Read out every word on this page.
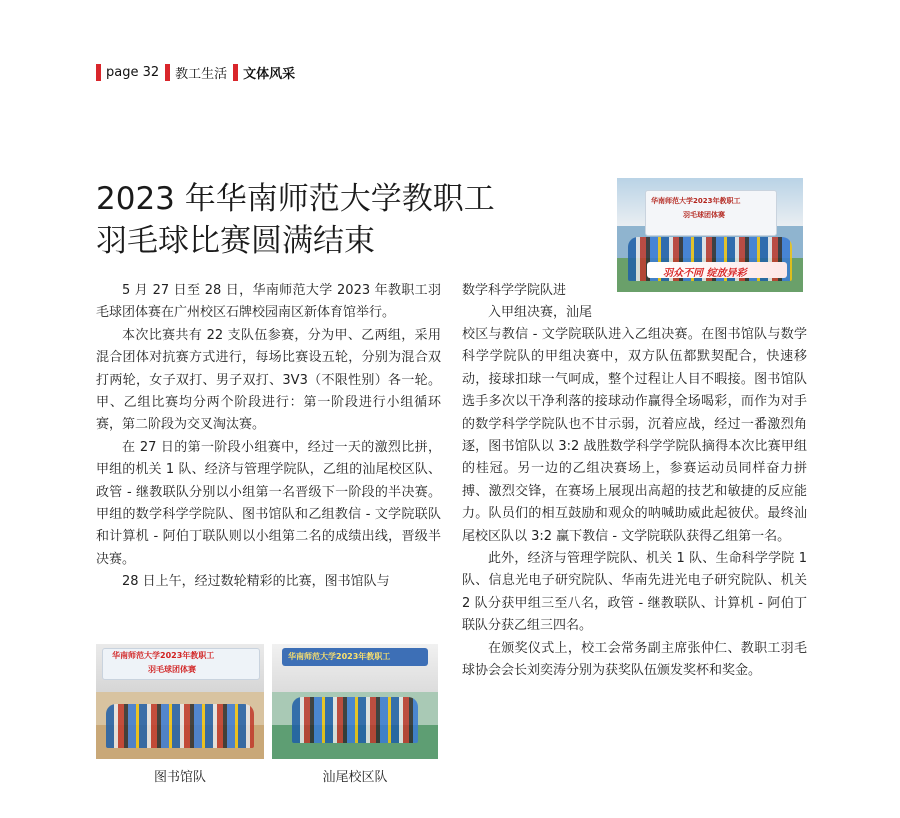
page 32 教工生活 文体风采
2023 年华南师范大学教职工
羽毛球比赛圆满结束
华南师范大学2023年教职工
羽毛球团体赛
羽众不同 绽放异彩

5 月 27 日至 28 日，华南师范大学 2023 年教职工羽毛球团体赛在广州校区石牌校园南区新体育馆举行。

本次比赛共有 22 支队伍参赛，分为甲、乙两组，采用混合团体对抗赛方式进行，每场比赛设五轮，分别为混合双打两轮，女子双打、男子双打、3V3（不限性别）各一轮。甲、乙组比赛均分两个阶段进行：第一阶段进行小组循环赛，第二阶段为交叉淘汰赛。

在 27 日的第一阶段小组赛中，经过一天的激烈比拼，甲组的机关 1 队、经济与管理学院队，乙组的汕尾校区队、政管 - 继教联队分别以小组第一名晋级下一阶段的半决赛。甲组的数学科学学院队、图书馆队和乙组教信 - 文学院联队和计算机 - 阿伯丁联队则以小组第二名的成绩出线，晋级半决赛。

28 日上午，经过数轮精彩的比赛，图书馆队与

数学科学学院队进
入甲组决赛，汕尾

校区与教信 - 文学院联队进入乙组决赛。在图书馆队与数学科学学院队的甲组决赛中，双方队伍都默契配合，快速移动，接球扣球一气呵成，整个过程让人目不暇接。图书馆队选手多次以干净利落的接球动作赢得全场喝彩，而作为对手的数学科学学院队也不甘示弱，沉着应战，经过一番激烈角逐，图书馆队以 3:2 战胜数学科学学院队摘得本次比赛甲组的桂冠。另一边的乙组决赛场上，参赛运动员同样奋力拼搏、激烈交锋，在赛场上展现出高超的技艺和敏捷的反应能力。队员们的相互鼓励和观众的呐喊助威此起彼伏。最终汕尾校区队以 3:2 赢下教信 - 文学院联队获得乙组第一名。

此外，经济与管理学院队、机关 1 队、生命科学学院 1 队、信息光电子研究院队、华南先进光电子研究院队、机关 2 队分获甲组三至八名，政管 - 继教联队、计算机 - 阿伯丁联队分获乙组三四名。

在颁奖仪式上，校工会常务副主席张仲仁、教职工羽毛球协会会长刘奕涛分别为获奖队伍颁发奖杯和奖金。

华南师范大学2023年教职工
羽毛球团体赛
图书馆队
华南师范大学2023年教职工
汕尾校区队
